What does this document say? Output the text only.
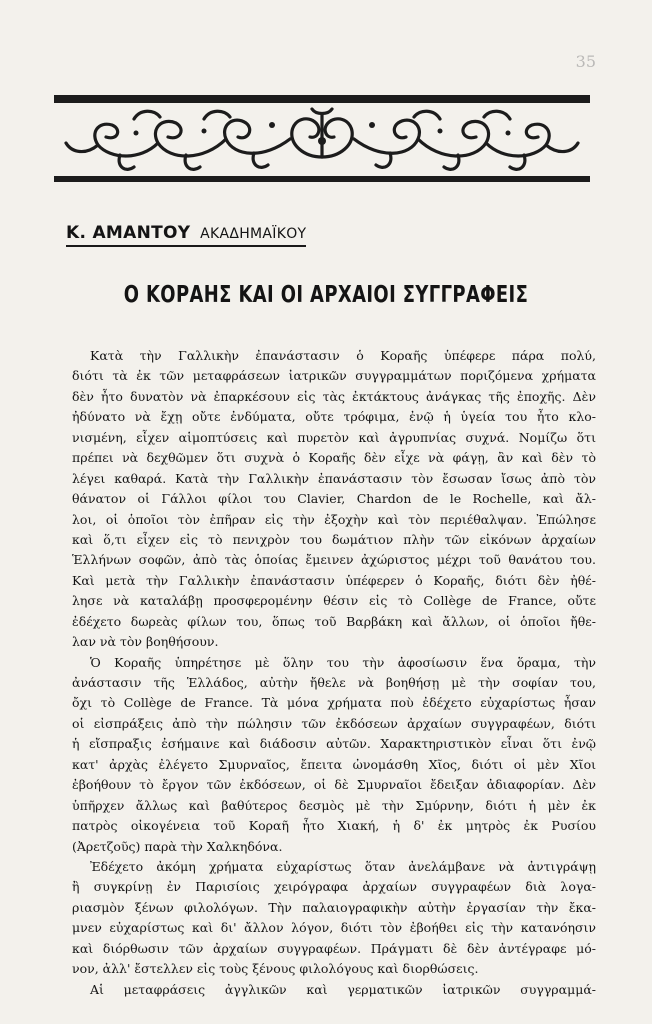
35
Κ. ΑΜΑΝΤΟΥ ΑΚΑΔΗΜΑΪΚΟΥ
Ο ΚΟΡΑΗΣ ΚΑΙ ΟΙ ΑΡΧΑΙΟΙ ΣΥΓΓΡΑΦΕΙΣ
Κατὰ τὴν Γαλλικὴν ἐπανάστασιν ὁ Κοραῆς ὑπέφερε πάρα πολύ,
διότι τὰ ἐκ τῶν μεταφράσεων ἰατρικῶν συγγραμμάτων ποριζόμενα χρήματα
δὲν ἦτο δυνατὸν νὰ ἐπαρκέσουν εἰς τὰς ἐκτάκτους ἀνάγκας τῆς ἐποχῆς. Δὲν
ἠδύνατο νὰ ἔχῃ οὔτε ἐνδύματα, οὔτε τρόφιμα, ἐνῷ ἡ ὑγεία του ἦτο κλο-
νισμένη, εἶχεν αἱμοπτύσεις καὶ πυρετὸν καὶ ἀγρυπνίας συχνά. Νομίζω ὅτι
πρέπει νὰ δεχθῶμεν ὅτι συχνὰ ὁ Κοραῆς δὲν εἶχε νὰ φάγῃ, ἂν καὶ δὲν τὸ
λέγει καθαρά. Κατὰ τὴν Γαλλικὴν ἐπανάστασιν τὸν ἔσωσαν ἴσως ἀπὸ τὸν
θάνατον οἱ Γάλλοι φίλοι του Clavier, Chardon de le Rochelle, καὶ ἄλ-
λοι, οἱ ὁποῖοι τὸν ἐπῆραν εἰς τὴν ἐξοχὴν καὶ τὸν περιέθαλψαν. Ἐπώλησε
καὶ ὅ,τι εἶχεν εἰς τὸ πενιχρὸν του δωμάτιον πλὴν τῶν εἰκόνων ἀρχαίων
Ἑλλήνων σοφῶν, ἀπὸ τὰς ὁποίας ἔμεινεν ἀχώριστος μέχρι τοῦ θανάτου του.
Καὶ μετὰ τὴν Γαλλικὴν ἐπανάστασιν ὑπέφερεν ὁ Κοραῆς, διότι δὲν ἠθέ-
λησε νὰ καταλάβῃ προσφερομένην θέσιν εἰς τὸ Collège de France, οὔτε
ἐδέχετο δωρεὰς φίλων του, ὅπως τοῦ Βαρβάκη καὶ ἄλλων, οἱ ὁποῖοι ἤθε-
λαν νὰ τὸν βοηθήσουν.
Ὁ Κοραῆς ὑπηρέτησε μὲ ὅλην του τὴν ἀφοσίωσιν ἕνα ὅραμα, τὴν
ἀνάστασιν τῆς Ἑλλάδος, αὐτὴν ἤθελε νὰ βοηθήσῃ μὲ τὴν σοφίαν του,
ὄχι τὸ Collège de France. Τὰ μόνα χρήματα ποὺ ἐδέχετο εὐχαρίστως ἦσαν
οἱ εἰσπράξεις ἀπὸ τὴν πώλησιν τῶν ἐκδόσεων ἀρχαίων συγγραφέων, διότι
ἡ εἴσπραξις ἐσήμαινε καὶ διάδοσιν αὐτῶν. Χαρακτηριστικὸν εἶναι ὅτι ἐνῷ
κατ' ἀρχὰς ἐλέγετο Σμυρναῖος, ἔπειτα ὠνομάσθη Χῖος, διότι οἱ μὲν Χῖοι
ἐβοήθουν τὸ ἔργον τῶν ἐκδόσεων, οἱ δὲ Σμυρναῖοι ἔδειξαν ἀδιαφορίαν. Δὲν
ὑπῆρχεν ἄλλως καὶ βαθύτερος δεσμὸς μὲ τὴν Σμύρνην, διότι ἡ μὲν ἐκ
πατρὸς οἰκογένεια τοῦ Κοραῆ ἦτο Χιακή, ἡ δ' ἐκ μητρὸς ἐκ Ρυσίου
(Ἀρετζοῦς) παρὰ τὴν Χαλκηδόνα.
Ἐδέχετο ἀκόμη χρήματα εὐχαρίστως ὅταν ἀνελάμβανε νὰ ἀντιγράψῃ
ἢ συγκρίνῃ ἐν Παρισίοις χειρόγραφα ἀρχαίων συγγραφέων διὰ λογα-
ριασμὸν ξένων φιλολόγων. Τὴν παλαιογραφικὴν αὐτὴν ἐργασίαν τὴν ἔκα-
μνεν εὐχαρίστως καὶ δι' ἄλλον λόγον, διότι τὸν ἐβοήθει εἰς τὴν κατανόησιν
καὶ διόρθωσιν τῶν ἀρχαίων συγγραφέων. Πράγματι δὲ δὲν ἀντέγραφε μό-
νον, ἀλλ' ἔστελλεν εἰς τοὺς ξένους φιλολόγους καὶ διορθώσεις.
Αἱ μεταφράσεις ἀγγλικῶν καὶ γερματικῶν ἰατρικῶν συγγραμμά-
